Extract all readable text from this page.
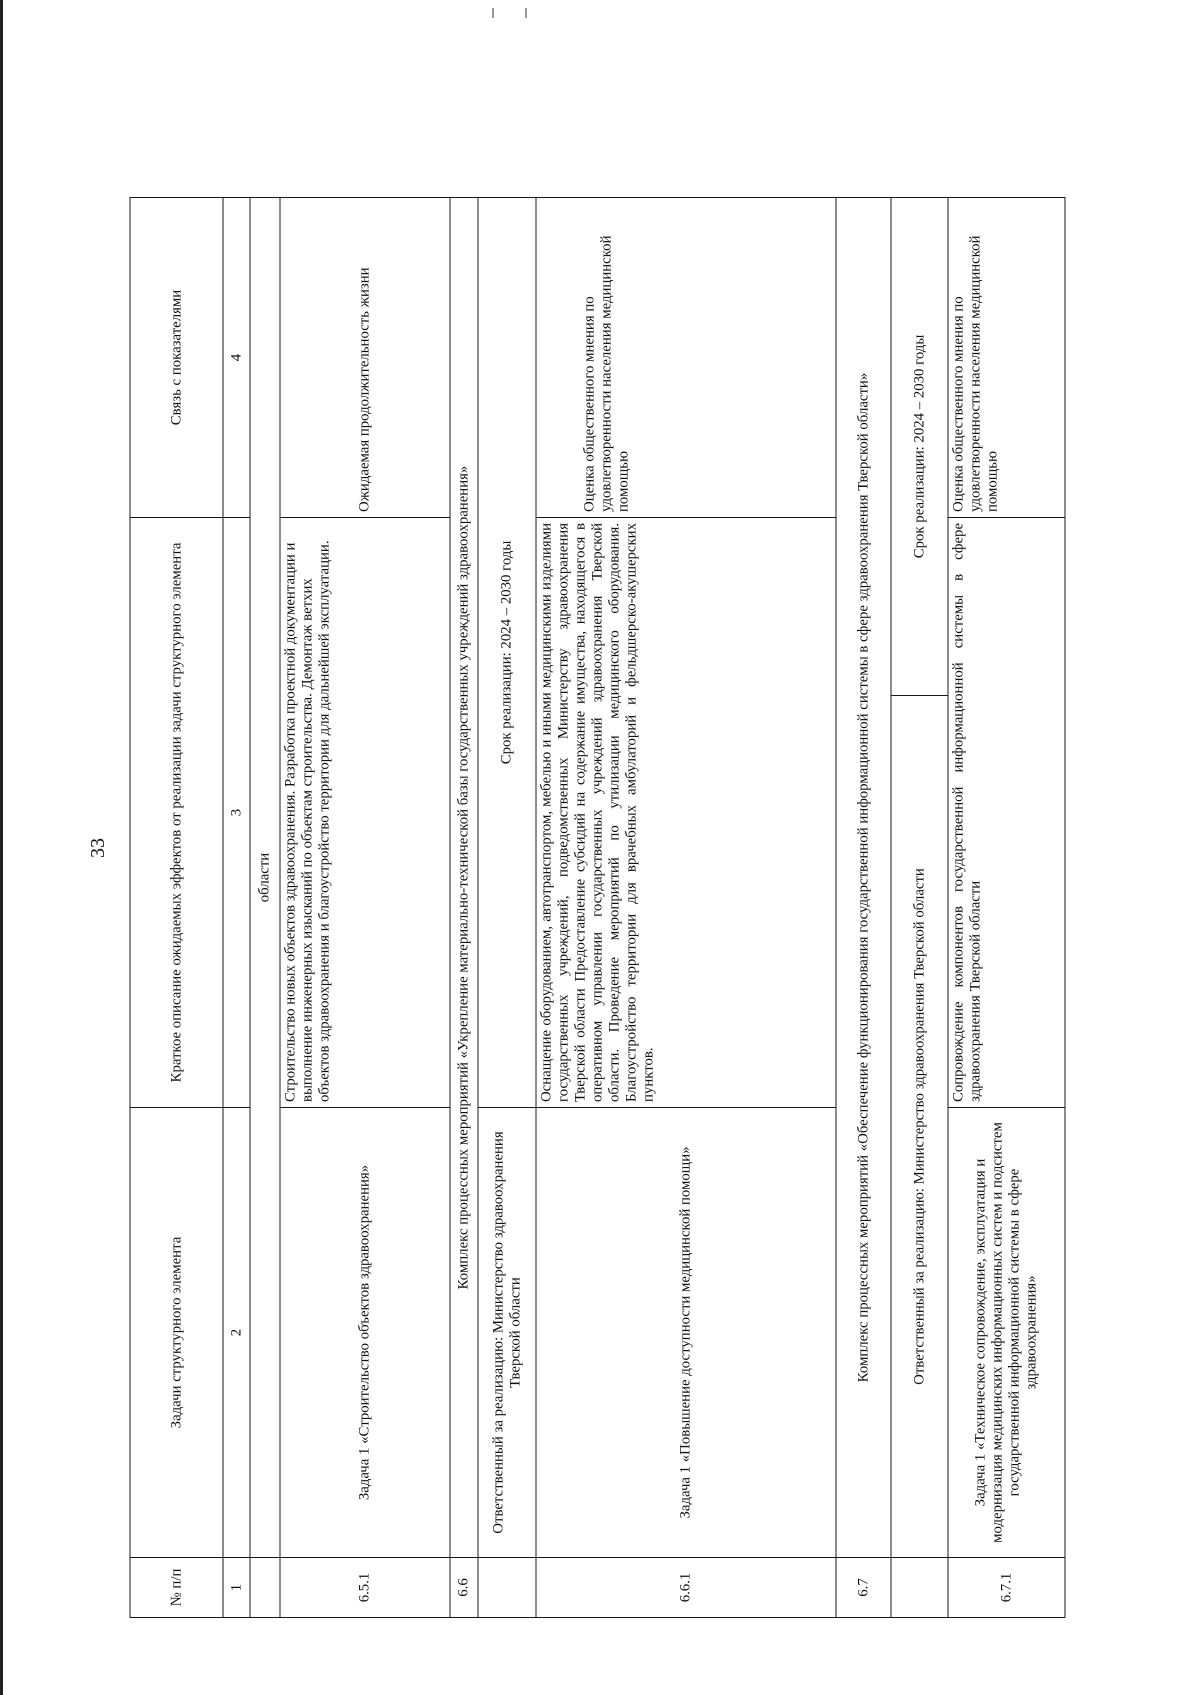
33
№ п/п	Задачи структурного элемента	Краткое описание ожидаемых эффектов от реализации задачи структурного элемента		Связь с показателями
1	2	3		4
	области			
6.5.1	Задача 1 «Строительство объектов здравоохранения»	Строительство новых объектов здравоохранения. Разработка проектной документации и выполнение инженерных изысканий по объектам строительства. Демонтаж ветхих объектов здравоохранения и благоустройство территории для дальнейшей эксплуатации.		Ожидаемая продолжительность жизни
6.6	Комплекс процессных мероприятий «Укрепление материально-технической базы государственных учреждений здравоохранения»			
	Ответственный за реализацию: Министерство здравоохранения Тверской области	Срок реализации: 2024 – 2030 годы		
6.6.1	Задача 1 «Повышение доступности медицинской помощи»	Оснащение оборудованием, автотранспортом, мебелью и иными медицинскими изделиями государственных учреждений, подведомственных Министерству здравоохранения Тверской области Предоставление субсидий на содержание имущества, находящегося в оперативном управлении государственных учреждений здравоохранения Тверской области. Проведение мероприятий по утилизации медицинского оборудования. Благоустройство территории для врачебных амбулаторий и фельдшерско-акушерских пунктов.		Оценка общественного мнения по удовлетворенности населения медицинской помощью
6.7	Комплекс процессных мероприятий «Обеспечение функционирования государственной информационной системы в сфере здравоохранения Тверской области»			
	Ответственный за реализацию: Министерство здравоохранения Тверской области		Срок реализации: 2024 – 2030 годы	
6.7.1	Задача 1 «Техническое сопровождение, эксплуатация и модернизация медицинских информационных систем и подсистем государственной информационной системы в сфере здравоохранения»	Сопровождение компонентов государственной информационной системы в сфере здравоохранения Тверской области		Оценка общественного мнения по удовлетворенности населения медицинской помощью
